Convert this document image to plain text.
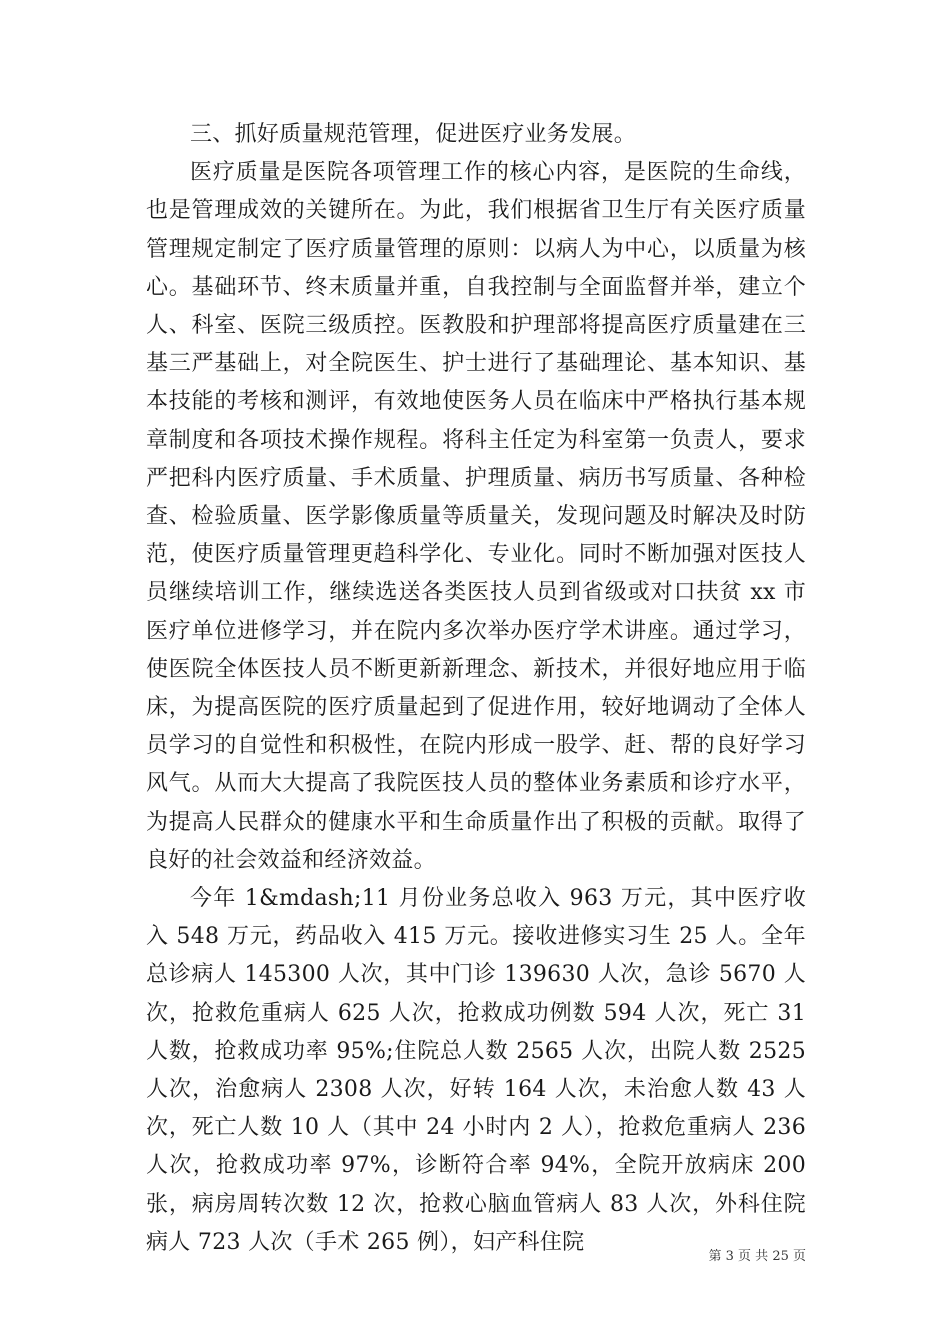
三、抓好质量规范管理，促进医疗业务发展。

医疗质量是医院各项管理工作的核心内容，是医院的生命线，也是管理成效的关键所在。为此，我们根据省卫生厅有关医疗质量管理规定制定了医疗质量管理的原则：以病人为中心，以质量为核心。基础环节、终末质量并重，自我控制与全面监督并举，建立个人、科室、医院三级质控。医教股和护理部将提高医疗质量建在三基三严基础上，对全院医生、护士进行了基础理论、基本知识、基本技能的考核和测评，有效地使医务人员在临床中严格执行基本规章制度和各项技术操作规程。将科主任定为科室第一负责人，要求严把科内医疗质量、手术质量、护理质量、病历书写质量、各种检查、检验质量、医学影像质量等质量关，发现问题及时解决及时防范，使医疗质量管理更趋科学化、专业化。同时不断加强对医技人员继续培训工作，继续选送各类医技人员到省级或对口扶贫 xx 市医疗单位进修学习，并在院内多次举办医疗学术讲座。通过学习，使医院全体医技人员不断更新新理念、新技术，并很好地应用于临床，为提高医院的医疗质量起到了促进作用，较好地调动了全体人员学习的自觉性和积极性，在院内形成一股学、赶、帮的良好学习风气。从而大大提高了我院医技人员的整体业务素质和诊疗水平，为提高人民群众的健康水平和生命质量作出了积极的贡献。取得了良好的社会效益和经济效益。

今年 1&mdash;11 月份业务总收入 963 万元，其中医疗收入 548 万元，药品收入 415 万元。接收进修实习生 25 人。全年总诊病人 145300 人次，其中门诊 139630 人次，急诊 5670 人次，抢救危重病人 625 人次，抢救成功例数 594 人次，死亡 31 人数，抢救成功率 95%;住院总人数 2565 人次，出院人数 2525 人次，治愈病人 2308 人次，好转 164 人次，未治愈人数 43 人次，死亡人数 10 人（其中 24 小时内 2 人），抢救危重病人 236 人次，抢救成功率 97%，诊断符合率 94%，全院开放病床 200 张，病房周转次数 12 次，抢救心脑血管病人 83 人次，外科住院病人 723 人次（手术 265 例），妇产科住院

第 3 页 共 25 页
